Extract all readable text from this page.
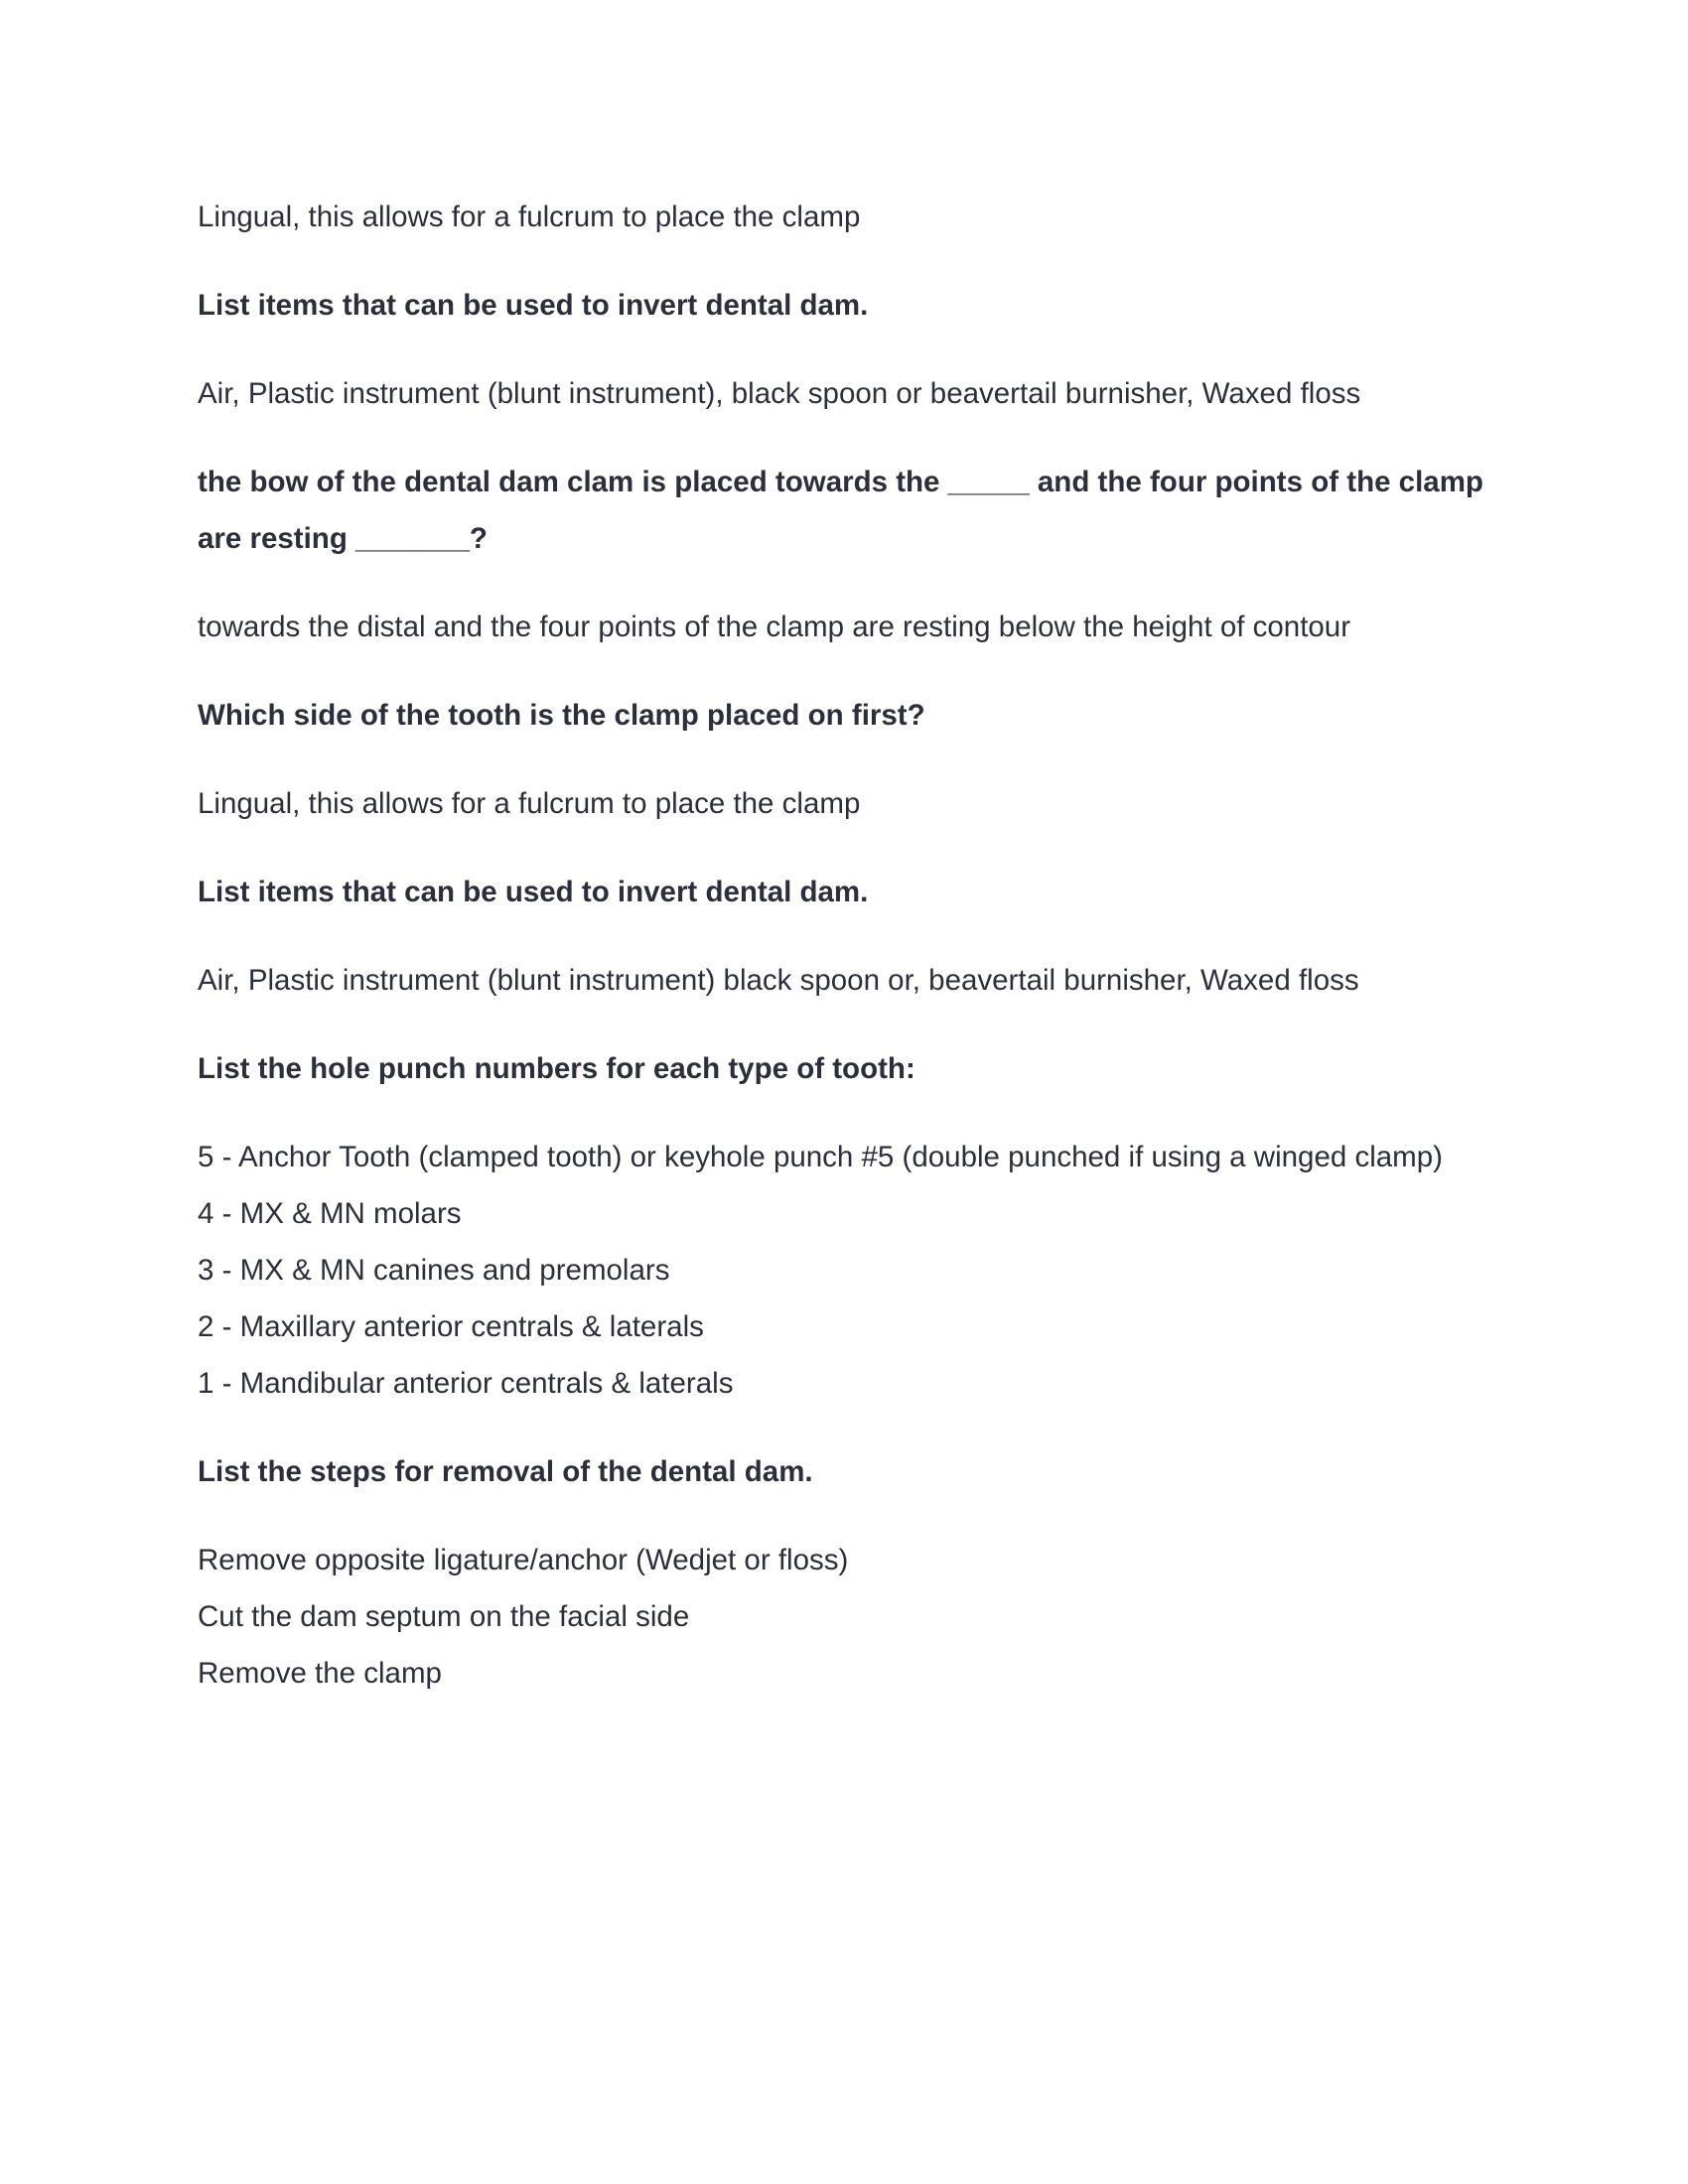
Lingual, this allows for a fulcrum to place the clamp
List items that can be used to invert dental dam.
Air, Plastic instrument (blunt instrument), black spoon or beavertail burnisher, Waxed floss
the bow of the dental dam clam is placed towards the _____ and the four points of the clamp are resting _______?
towards the distal and the four points of the clamp are resting below the height of contour
Which side of the tooth is the clamp placed on first?
Lingual, this allows for a fulcrum to place the clamp
List items that can be used to invert dental dam.
Air, Plastic instrument (blunt instrument) black spoon or, beavertail burnisher, Waxed floss
List the hole punch numbers for each type of tooth:
5 - Anchor Tooth (clamped tooth) or keyhole punch #5 (double punched if using a winged clamp)
4 - MX & MN molars
3 - MX & MN canines and premolars
2 - Maxillary anterior centrals & laterals
1 - Mandibular anterior centrals & laterals
List the steps for removal of the dental dam.
Remove opposite ligature/anchor (Wedjet or floss)
Cut the dam septum on the facial side
Remove the clamp
